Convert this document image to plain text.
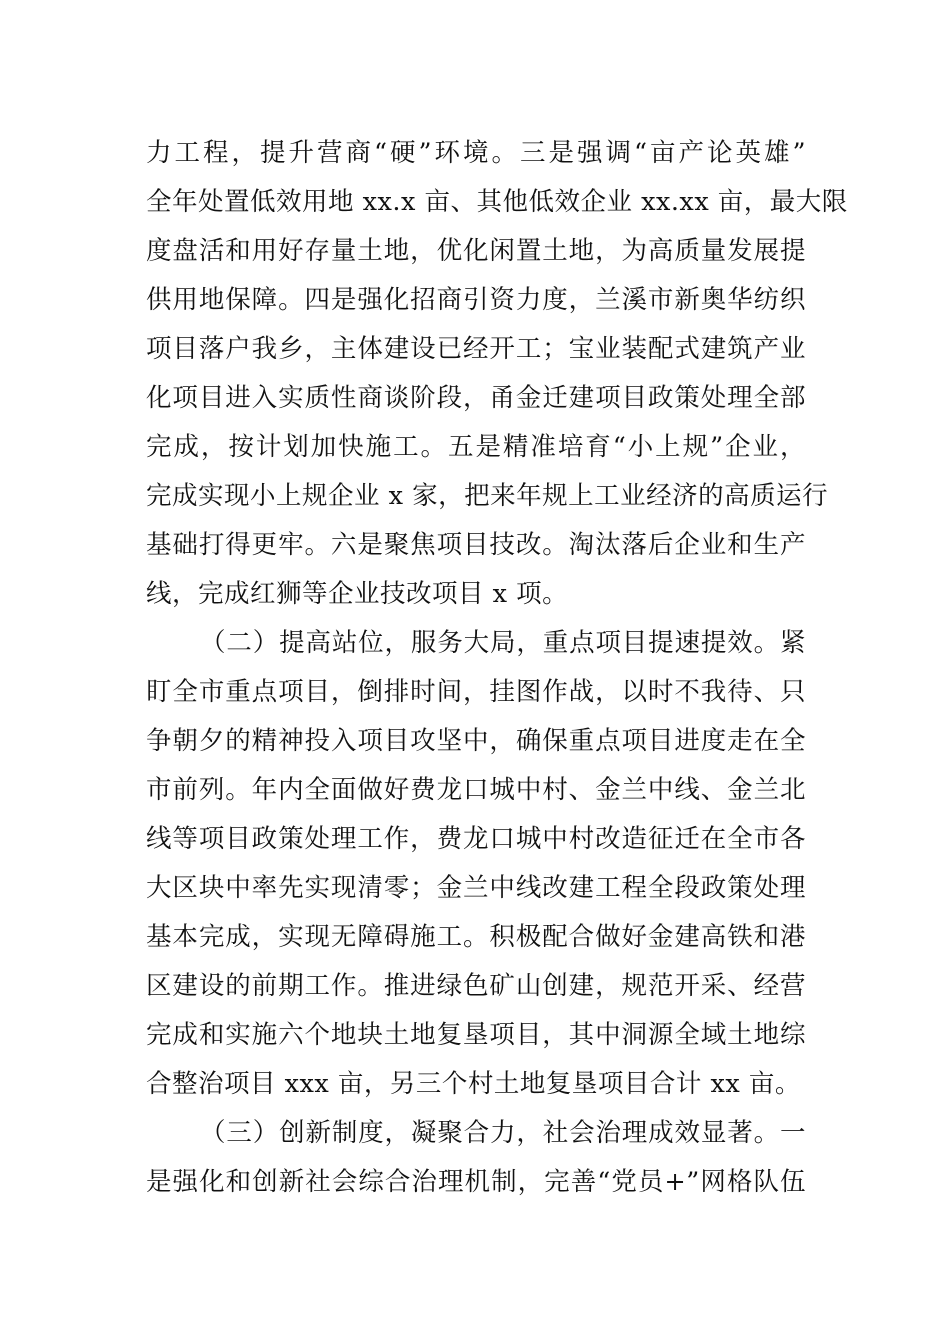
力工程，提升营商“硬”环境。三是强调“亩产论英雄”
全年处置低效用地 xx.x 亩、其他低效企业 xx.xx 亩，最大限
度盘活和用好存量土地，优化闲置土地，为高质量发展提
供用地保障。四是强化招商引资力度，兰溪市新奥华纺织
项目落户我乡，主体建设已经开工；宝业装配式建筑产业
化项目进入实质性商谈阶段，甬金迁建项目政策处理全部
完成，按计划加快施工。五是精准培育“小上规”企业，
完成实现小上规企业 x 家，把来年规上工业经济的高质运行
基础打得更牢。六是聚焦项目技改。淘汰落后企业和生产
线，完成红狮等企业技改项目 x 项。
（二）提高站位，服务大局，重点项目提速提效。紧
盯全市重点项目，倒排时间，挂图作战，以时不我待、只
争朝夕的精神投入项目攻坚中，确保重点项目进度走在全
市前列。年内全面做好费龙口城中村、金兰中线、金兰北
线等项目政策处理工作，费龙口城中村改造征迁在全市各
大区块中率先实现清零；金兰中线改建工程全段政策处理
基本完成，实现无障碍施工。积极配合做好金建高铁和港
区建设的前期工作。推进绿色矿山创建，规范开采、经营
完成和实施六个地块土地复垦项目，其中洞源全域土地综
合整治项目 xxx 亩，另三个村土地复垦项目合计 xx 亩。
（三）创新制度，凝聚合力，社会治理成效显著。一
是强化和创新社会综合治理机制，完善“党员+”网格队伍
